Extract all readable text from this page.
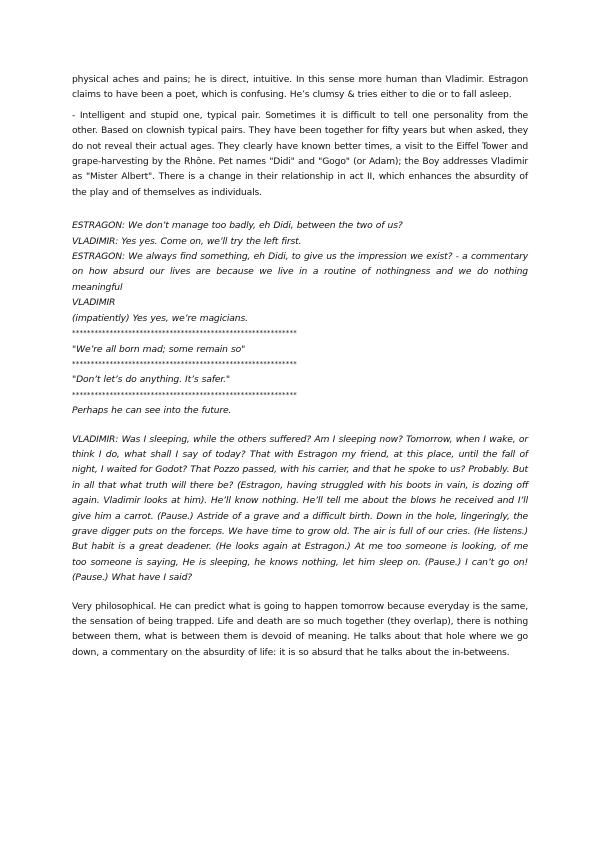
physical aches and pains; he is direct, intuitive. In this sense more human than Vladimir. Estragon claims to have been a poet, which is confusing. He’s clumsy & tries either to die or to fall asleep.

- Intelligent and stupid one, typical pair. Sometimes it is difficult to tell one personality from the other. Based on clownish typical pairs. They have been together for fifty years but when asked, they do not reveal their actual ages. They clearly have known better times, a visit to the Eiffel Tower and grape-harvesting by the Rhône. Pet names "Didi" and "Gogo" (or Adam); the Boy addresses Vladimir as "Mister Albert". There is a change in their relationship in act II, which enhances the absurdity of the play and of themselves as individuals.

ESTRAGON: We don’t manage too badly, eh Didi, between the two of us?

VLADIMIR: Yes yes. Come on, we’ll try the left first.

ESTRAGON: We always find something, eh Didi, to give us the impression we exist? - a commentary on how absurd our lives are because we live in a routine of nothingness and we do nothing meaningful

VLADIMIR

(impatiently) Yes yes, we’re magicians.

************************************************************

"We’re all born mad; some remain so"

************************************************************

"Don’t let’s do anything. It’s safer."

************************************************************

Perhaps he can see into the future.

VLADIMIR: Was I sleeping, while the others suffered? Am I sleeping now? Tomorrow, when I wake, or think I do, what shall I say of today? That with Estragon my friend, at this place, until the fall of night, I waited for Godot? That Pozzo passed, with his carrier, and that he spoke to us? Probably. But in all that what truth will there be? (Estragon, having struggled with his boots in vain, is dozing off again. Vladimir looks at him). He’ll know nothing. He’ll tell me about the blows he received and I’ll give him a carrot. (Pause.) Astride of a grave and a difficult birth. Down in the hole, lingeringly, the grave digger puts on the forceps. We have time to grow old. The air is full of our cries. (He listens.) But habit is a great deadener. (He looks again at Estragon.) At me too someone is looking, of me too someone is saying, He is sleeping, he knows nothing, let him sleep on. (Pause.) I can’t go on! (Pause.) What have I said?

Very philosophical. He can predict what is going to happen tomorrow because everyday is the same, the sensation of being trapped. Life and death are so much together (they overlap), there is nothing between them, what is between them is devoid of meaning. He talks about that hole where we go down, a commentary on the absurdity of life: it is so absurd that he talks about the in-betweens.
